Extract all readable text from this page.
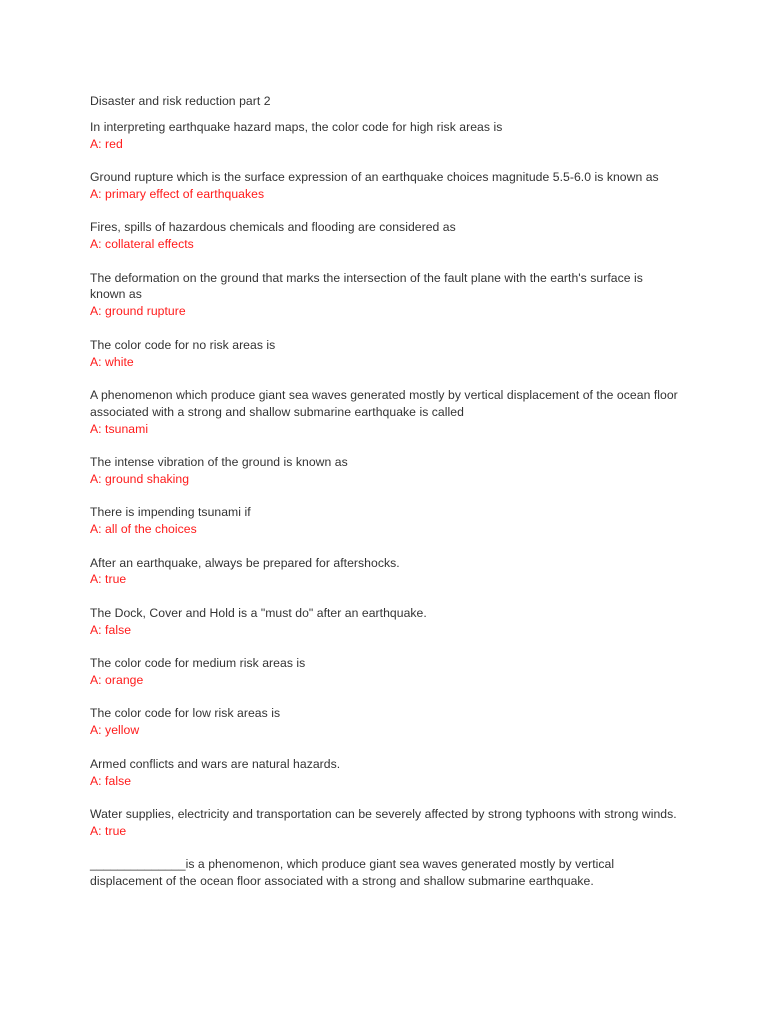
Disaster and risk reduction part 2
In interpreting earthquake hazard maps, the color code for high risk areas is
A: red
Ground rupture which is the surface expression of an earthquake choices magnitude 5.5-6.0 is known as
A: primary effect of earthquakes
Fires, spills of hazardous chemicals and flooding are considered as
A: collateral effects
The deformation on the ground that marks the intersection of the fault plane with the earth's surface is known as
A: ground rupture
The color code for no risk areas is
A: white
A phenomenon which produce giant sea waves generated mostly by vertical displacement of the ocean floor associated with a strong and shallow submarine earthquake is called
A: tsunami
The intense vibration of the ground is known as
A: ground shaking
There is impending tsunami if
A: all of the choices
After an earthquake, always be prepared for aftershocks.
A: true
The Dock, Cover and Hold is a "must do" after an earthquake.
A: false
The color code for medium risk areas is
A: orange
The color code for low risk areas is
A: yellow
Armed conflicts and wars are natural hazards.
A: false
Water supplies, electricity and transportation can be severely affected by strong typhoons with strong winds.
A: true
______________is a phenomenon, which produce giant sea waves generated mostly by vertical displacement of the ocean floor associated with a strong and shallow submarine earthquake.
